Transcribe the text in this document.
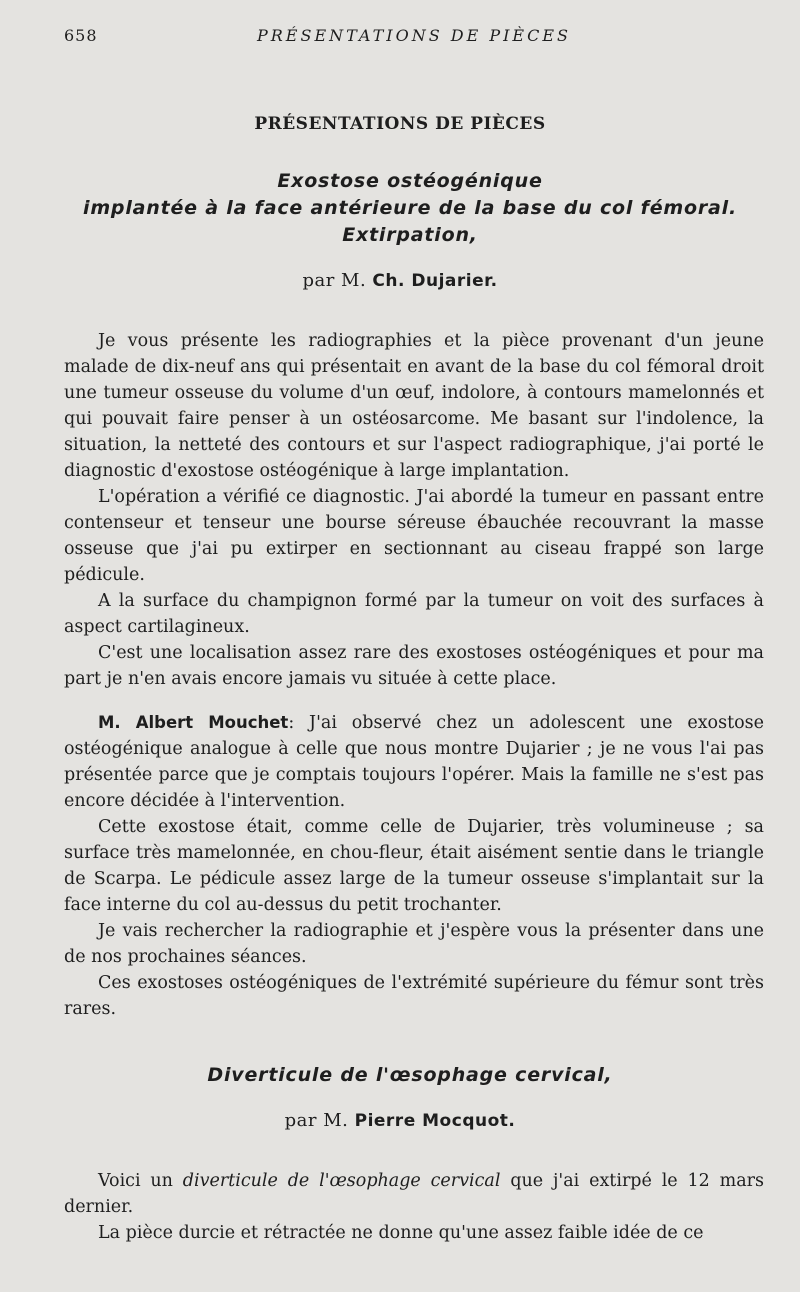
658	PRÉSENTATIONS DE PIÈCES
PRÉSENTATIONS DE PIÈCES
Exostose ostéogénique
implantée à la face antérieure de la base du col fémoral.
Extirpation,
par M. Ch. Dujarier.

Je vous présente les radiographies et la pièce provenant d'un jeune malade de dix-neuf ans qui présentait en avant de la base du col fémoral droit une tumeur osseuse du volume d'un œuf, indolore, à contours mamelonnés et qui pouvait faire penser à un ostéosarcome. Me basant sur l'indolence, la situation, la netteté des contours et sur l'aspect radiographique, j'ai porté le diagnostic d'exostose ostéogénique à large implantation.

L'opération a vérifié ce diagnostic. J'ai abordé la tumeur en passant entre contenseur et tenseur une bourse séreuse ébauchée recouvrant la masse osseuse que j'ai pu extirper en sectionnant au ciseau frappé son large pédicule.

A la surface du champignon formé par la tumeur on voit des surfaces à aspect cartilagineux.

C'est une localisation assez rare des exostoses ostéogéniques et pour ma part je n'en avais encore jamais vu située à cette place.

M. Albert Mouchet: J'ai observé chez un adolescent une exostose ostéogénique analogue à celle que nous montre Dujarier ; je ne vous l'ai pas présentée parce que je comptais toujours l'opérer. Mais la famille ne s'est pas encore décidée à l'intervention.

Cette exostose était, comme celle de Dujarier, très volumineuse ; sa surface très mamelonnée, en chou-fleur, était aisément sentie dans le triangle de Scarpa. Le pédicule assez large de la tumeur osseuse s'implantait sur la face interne du col au-dessus du petit trochanter.

Je vais rechercher la radiographie et j'espère vous la présenter dans une de nos prochaines séances.

Ces exostoses ostéogéniques de l'extrémité supérieure du fémur sont très rares.

Diverticule de l'œsophage cervical,
par M. Pierre Mocquot.

Voici un diverticule de l'œsophage cervical que j'ai extirpé le 12 mars dernier.

La pièce durcie et rétractée ne donne qu'une assez faible idée de ce
